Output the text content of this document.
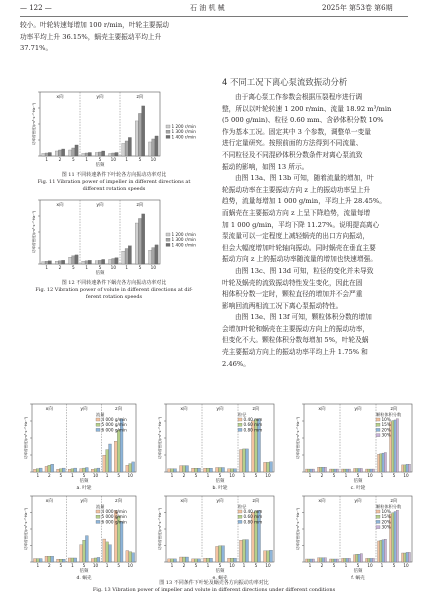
— 122 —	石 油 机 械	2025年 第53卷 第6期
较小。叶轮转速每增加 100 r/min，叶轮主要振动
功率平均上升 36.15%，蜗壳主要振动平均上升
37.71%。
4 不同工况下离心泵流致振动分析
由于离心泵工作参数会根据压裂程序进行调
整，所以以叶轮转速 1 200 r/min、流量 18.92 m³/min
(5 000 g/min)、粒径 0.60 mm、含砂体积分数 10%
作为基本工况。固定其中 3 个参数，调整单一变量
进行定量研究。按照前面的方法得到不同流量、
不同粒径及不同混砂体积分数条件对离心泵流致
振动的影响，如图 13 所示。
由图 13a、图 13b 可知，随着流量的增加，叶
轮振动功率在主要振动方向 z 上的振动功率呈上升
趋势，流量每增加 1 000 g/min，平均上升 28.45%。
而蜗壳在主要振动方向 z 上呈下降趋势，流量每增
加 1 000 g/min，平均下降 11.27%。说明提高离心
泵流量可以一定程度上减轻蜗壳的出口方向振动，
但会大幅度增加叶轮轴向振动。同时蜗壳在垂直主要
振动方向 z 上的振动功率随流量的增加也快速增强。
由图 13c、图 13d 可知，粒径的变化并未导致
叶轮及蜗壳的流致振动特性发生变化，因此在固
相体积分数一定时，颗粒直径的增加并不会严重
影响回流两相流工况下离心泵振动特性。
由图 13e、图 13f 可知，颗粒体积分数的增加
会增加叶轮和蜗壳在主要振动方向上的振动功率，
但变化不大。颗粒体积分数每增加 5%，叶轮及蜗
壳主要振动方向上的振动功率平均上升 1.75% 和
2.46%。
x向	y向	z向
1	2	5	1	5 10 1	5 10
倍频
功率谱密度/(m²·s⁻²·Hz⁻¹)	1 200 r/min
1 300 r/min
1 400 r/min
图 11 不同转速条件下叶轮各方向振动功率对比
Fig. 11 Vibration power of impeller in different directions at
different rotation speeds
x向	y向	z向
1	2	5	1	5 10 1	5 10
倍频
功率谱密度/(m²·s⁻²·Hz⁻¹)	1 200 r/min
1 300 r/min
1 400 r/min
图 12 不同转速条件下蜗壳各方向振动功率对比
Fig. 12 Vibration power of volute in different directions at dif-
ferent rotation speeds
x向	y向	z向
1 2 5 1 5 10 1 5 10
倍频
功率谱密度/(m²·s⁻²·Hz⁻¹)
流量
4 000 g/min
5 000 g/min
6 000 g/min
a. 叶轮
x向	y向	z向
1 2 5 1 5 10 1 5 10
倍频
功率谱密度/(m²·s⁻²·Hz⁻¹)
粒径
0.40 mm
0.60 mm
0.80 mm
b. 叶轮
x向	y向	z向
1 2 5 1 5 10 1 5 10
倍频
功率谱密度/(m²·s⁻²·Hz⁻¹)
颗粒体积分数
10%
15%
20%
30%
c. 叶轮
x向	y向	z向
1 2 5 1 5 10 1 5 10
倍频
功率谱密度/(m²·s⁻²·Hz⁻¹)
流量
4 000 g/min
5 000 g/min
6 000 g/min
d. 蜗壳
x向	y向	z向
1 2 5 1 5 10 1 5 10
倍频
功率谱密度/(m²·s⁻²·Hz⁻¹)
粒径
0.40 mm
0.60 mm
0.80 mm
e. 蜗壳
x向	y向	z向
1 2 5 1 5 10 1 5 10
倍频
功率谱密度/(m²·s⁻²·Hz⁻¹)
颗粒体积分数
10%
15%
20%
30%
f. 蜗壳
图 13 不同条件下叶轮及蜗壳各方向振动功率对比
Fig. 13 Vibration power of impeller and volute in different directions under different conditions
